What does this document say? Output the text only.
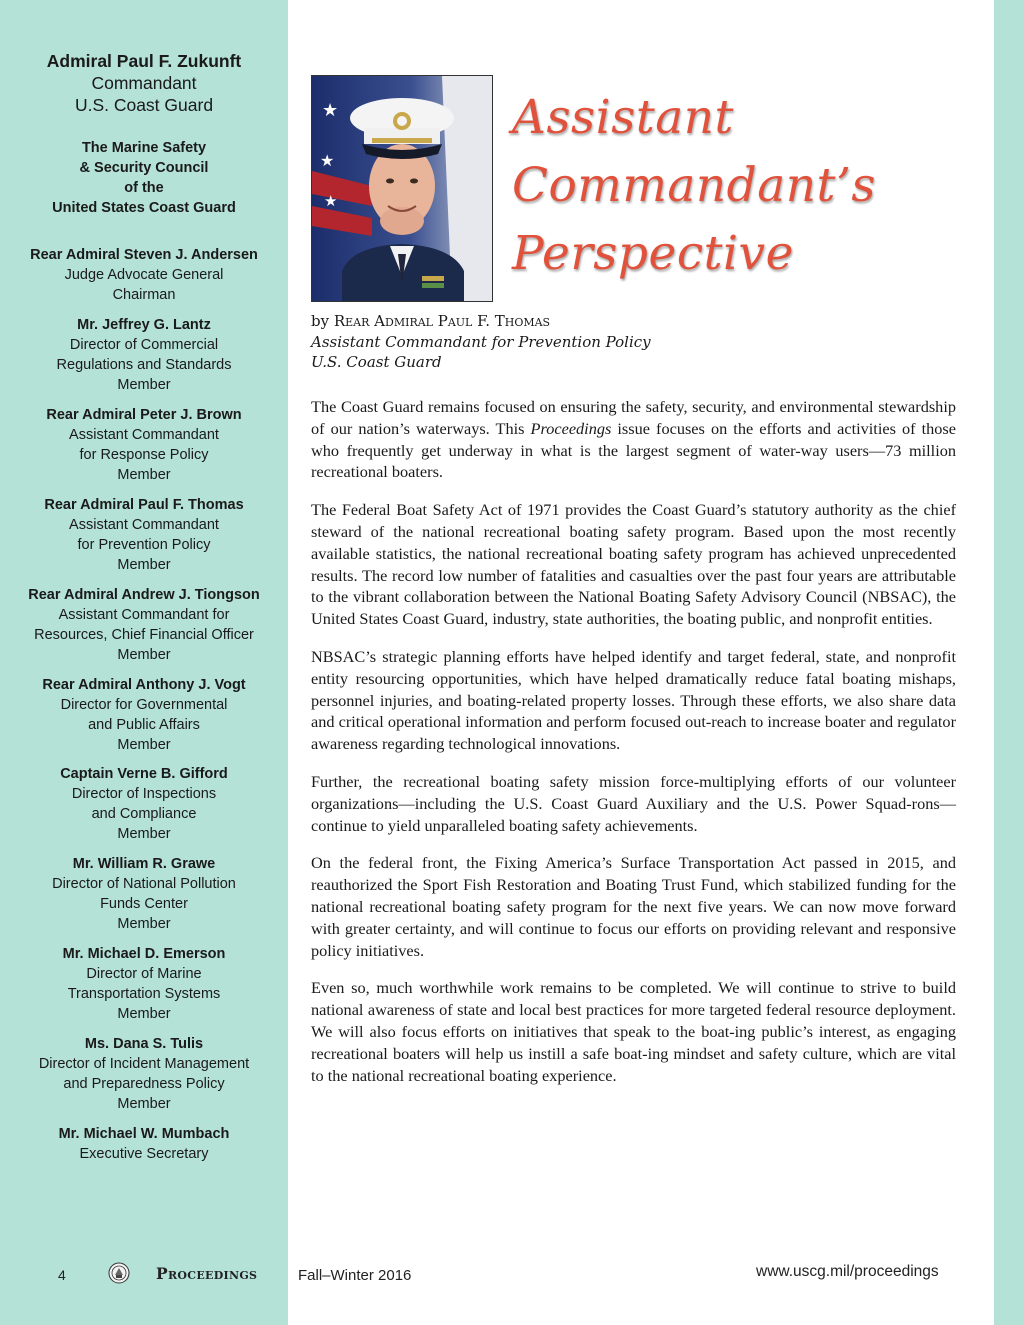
Admiral Paul F. Zukunft
Commandant
U.S. Coast Guard
The Marine Safety
& Security Council
of the
United States Coast Guard
Rear Admiral Steven J. Andersen
Judge Advocate General
Chairman
Mr. Jeffrey G. Lantz
Director of Commercial
Regulations and Standards
Member
Rear Admiral Peter J. Brown
Assistant Commandant
for Response Policy
Member
Rear Admiral Paul F. Thomas
Assistant Commandant
for Prevention Policy
Member
Rear Admiral Andrew J. Tiongson
Assistant Commandant for
Resources, Chief Financial Officer
Member
Rear Admiral Anthony J. Vogt
Director for Governmental
and Public Affairs
Member
Captain Verne B. Gifford
Director of Inspections
and Compliance
Member
Mr. William R. Grawe
Director of National Pollution
Funds Center
Member
Mr. Michael D. Emerson
Director of Marine
Transportation Systems
Member
Ms. Dana S. Tulis
Director of Incident Management
and Preparedness Policy
Member
Mr. Michael W. Mumbach
Executive Secretary
4	Proceedings	Fall–Winter 2016	www.uscg.mil/proceedings
★
★
★
Assistant
Commandant’s
Perspective
by Rear Admiral Paul F. Thomas
Assistant Commandant for Prevention Policy
U.S. Coast Guard

The Coast Guard remains focused on ensuring the safety, security, and environmental stewardship of our nation’s waterways. This Proceedings issue focuses on the efforts and activities of those who frequently get underway in what is the largest segment of water-way users—73 million recreational boaters.

The Federal Boat Safety Act of 1971 provides the Coast Guard’s statutory authority as the chief steward of the national recreational boating safety program. Based upon the most recently available statistics, the national recreational boating safety program has achieved unprecedented results. The record low number of fatalities and casualties over the past four years are attributable to the vibrant collaboration between the National Boating Safety Advisory Council (NBSAC), the United States Coast Guard, industry, state authorities, the boating public, and nonprofit entities.

NBSAC’s strategic planning efforts have helped identify and target federal, state, and nonprofit entity resourcing opportunities, which have helped dramatically reduce fatal boating mishaps, personnel injuries, and boating-related property losses. Through these efforts, we also share data and critical operational information and perform focused out-reach to increase boater and regulator awareness regarding technological innovations.

Further, the recreational boating safety mission force-multiplying efforts of our volunteer organizations—including the U.S. Coast Guard Auxiliary and the U.S. Power Squad-rons—continue to yield unparalleled boating safety achievements.

On the federal front, the Fixing America’s Surface Transportation Act passed in 2015, and reauthorized the Sport Fish Restoration and Boating Trust Fund, which stabilized funding for the national recreational boating safety program for the next five years. We can now move forward with greater certainty, and will continue to focus our efforts on providing relevant and responsive policy initiatives.

Even so, much worthwhile work remains to be completed. We will continue to strive to build national awareness of state and local best practices for more targeted federal resource deployment. We will also focus efforts on initiatives that speak to the boat-ing public’s interest, as engaging recreational boaters will help us instill a safe boat-ing mindset and safety culture, which are vital to the national recreational boating experience.
